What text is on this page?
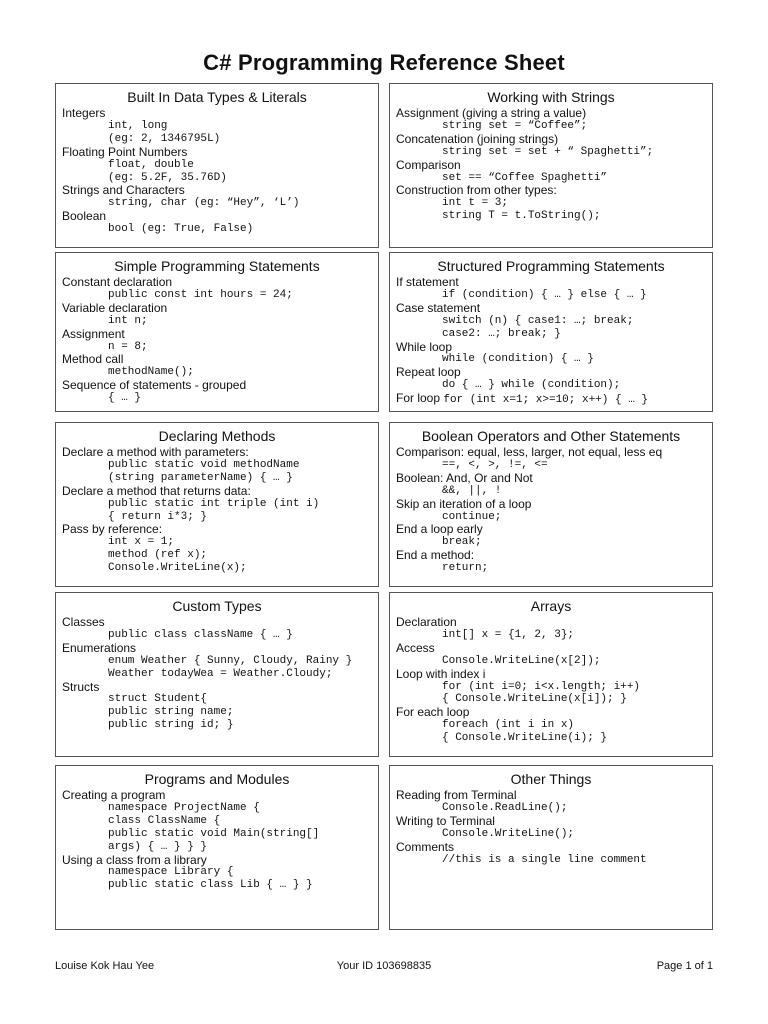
C# Programming Reference Sheet
Built In Data Types & Literals
Integers
int, long
(eg: 2, 1346795L)
Floating Point Numbers
float, double
(eg: 5.2F, 35.76D)
Strings and Characters
string, char (eg: “Hey”, ‘L’)
Boolean
bool (eg: True, False)
Working with Strings
Assignment (giving a string a value)
string set = “Coffee”;
Concatenation (joining strings)
string set = set + “ Spaghetti”;
Comparison
set == “Coffee Spaghetti”
Construction from other types:
int t = 3;
string T = t.ToString();
Simple Programming Statements
Constant declaration
public const int hours = 24;
Variable declaration
int n;
Assignment
n = 8;
Method call
methodName();
Sequence of statements - grouped
{ … }
Structured Programming Statements
If statement
if (condition) { … } else { … }
Case statement
switch (n) { case1: …; break;
case2: …; break; }
While loop
while (condition) { … }
Repeat loop
do { … } while (condition);
For loop for (int x=1; x>=10; x++) { … }
Declaring Methods
Declare a method with parameters:
public static void methodName
(string parameterName) { … }
Declare a method that returns data:
public static int triple (int i)
{ return i*3; }
Pass by reference:
int x = 1;
method (ref x);
Console.WriteLine(x);
Boolean Operators and Other Statements
Comparison: equal, less, larger, not equal, less eq
==, <, >, !=, <=
Boolean: And, Or and Not
&&, ||, !
Skip an iteration of a loop
continue;
End a loop early
break;
End a method:
return;
Custom Types
Classes
public class className { … }
Enumerations
enum Weather { Sunny, Cloudy, Rainy }
Weather todayWea = Weather.Cloudy;
Structs
struct Student{
public string name;
public string id; }
Arrays
Declaration
int[] x = {1, 2, 3};
Access
Console.WriteLine(x[2]);
Loop with index i
for (int i=0; i<x.length; i++)
{ Console.WriteLine(x[i]); }
For each loop
foreach (int i in x)
{ Console.WriteLine(i); }
Programs and Modules
Creating a program
namespace ProjectName {
class ClassName {
public static void Main(string[]
args) { … } } }
Using a class from a library
namespace Library {
public static class Lib { … } }
Other Things
Reading from Terminal
Console.ReadLine();
Writing to Terminal
Console.WriteLine();
Comments
//this is a single line comment
Louise Kok Hau Yee	Your ID 103698835	Page 1 of 1
